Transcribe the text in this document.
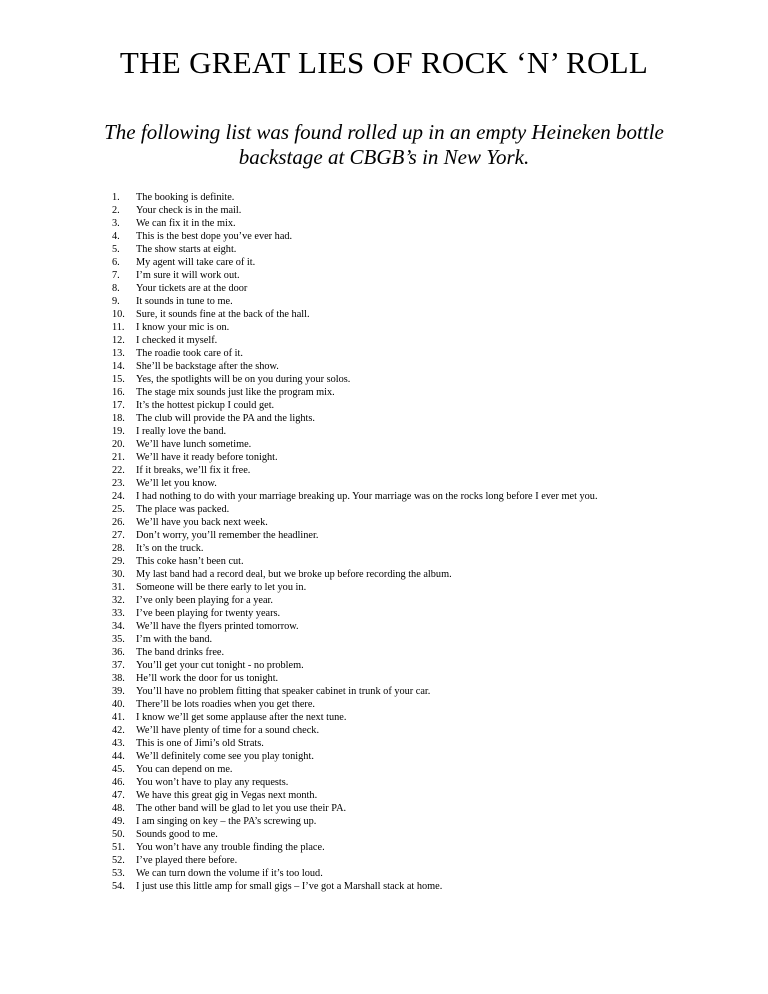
THE GREAT LIES OF ROCK ‘N’ ROLL

The following list was found rolled up in an empty Heineken bottle backstage at CBGB’s in New York.

1.	The booking is definite.
2.	Your check is in the mail.
3.	We can fix it in the mix.
4.	This is the best dope you’ve ever had.
5.	The show starts at eight.
6.	My agent will take care of it.
7.	I’m sure it will work out.
8.	Your tickets are at the door
9.	It sounds in tune to me.
10.	Sure, it sounds fine at the back of the hall.
11.	I know your mic is on.
12.	I checked it myself.
13.	The roadie took care of it.
14.	She’ll be backstage after the show.
15.	Yes, the spotlights will be on you during your solos.
16.	The stage mix sounds just like the program mix.
17.	It’s the hottest pickup I could get.
18.	The club will provide the PA and the lights.
19.	I really love the band.
20.	We’ll have lunch sometime.
21.	We’ll have it ready before tonight.
22.	If it breaks, we’ll fix it free.
23.	We’ll let you know.
24.	I had nothing to do with your marriage breaking up. Your marriage was on the rocks long before I ever met you.
25.	The place was packed.
26.	We’ll have you back next week.
27.	Don’t worry, you’ll remember the headliner.
28.	It’s on the truck.
29.	This coke hasn’t been cut.
30.	My last band had a record deal, but we broke up before recording the album.
31.	Someone will be there early to let you in.
32.	I’ve only been playing for a year.
33.	I’ve been playing for twenty years.
34.	We’ll have the flyers printed tomorrow.
35.	I’m with the band.
36.	The band drinks free.
37.	You’ll get your cut tonight - no problem.
38.	He’ll work the door for us tonight.
39.	You’ll have no problem fitting that speaker cabinet in trunk of your car.
40.	There’ll be lots roadies when you get there.
41.	I know we’ll get some applause after the next tune.
42.	We’ll have plenty of time for a sound check.
43.	This is one of Jimi’s old Strats.
44.	We’ll definitely come see you play tonight.
45.	You can depend on me.
46.	You won’t have to play any requests.
47.	We have this great gig in Vegas next month.
48.	The other band will be glad to let you use their PA.
49.	I am singing on key – the PA’s screwing up.
50.	Sounds good to me.
51.	You won’t have any trouble finding the place.
52.	I’ve played there before.
53.	We can turn down the volume if it’s too loud.
54.	I just use this little amp for small gigs – I’ve got a Marshall stack at home.
